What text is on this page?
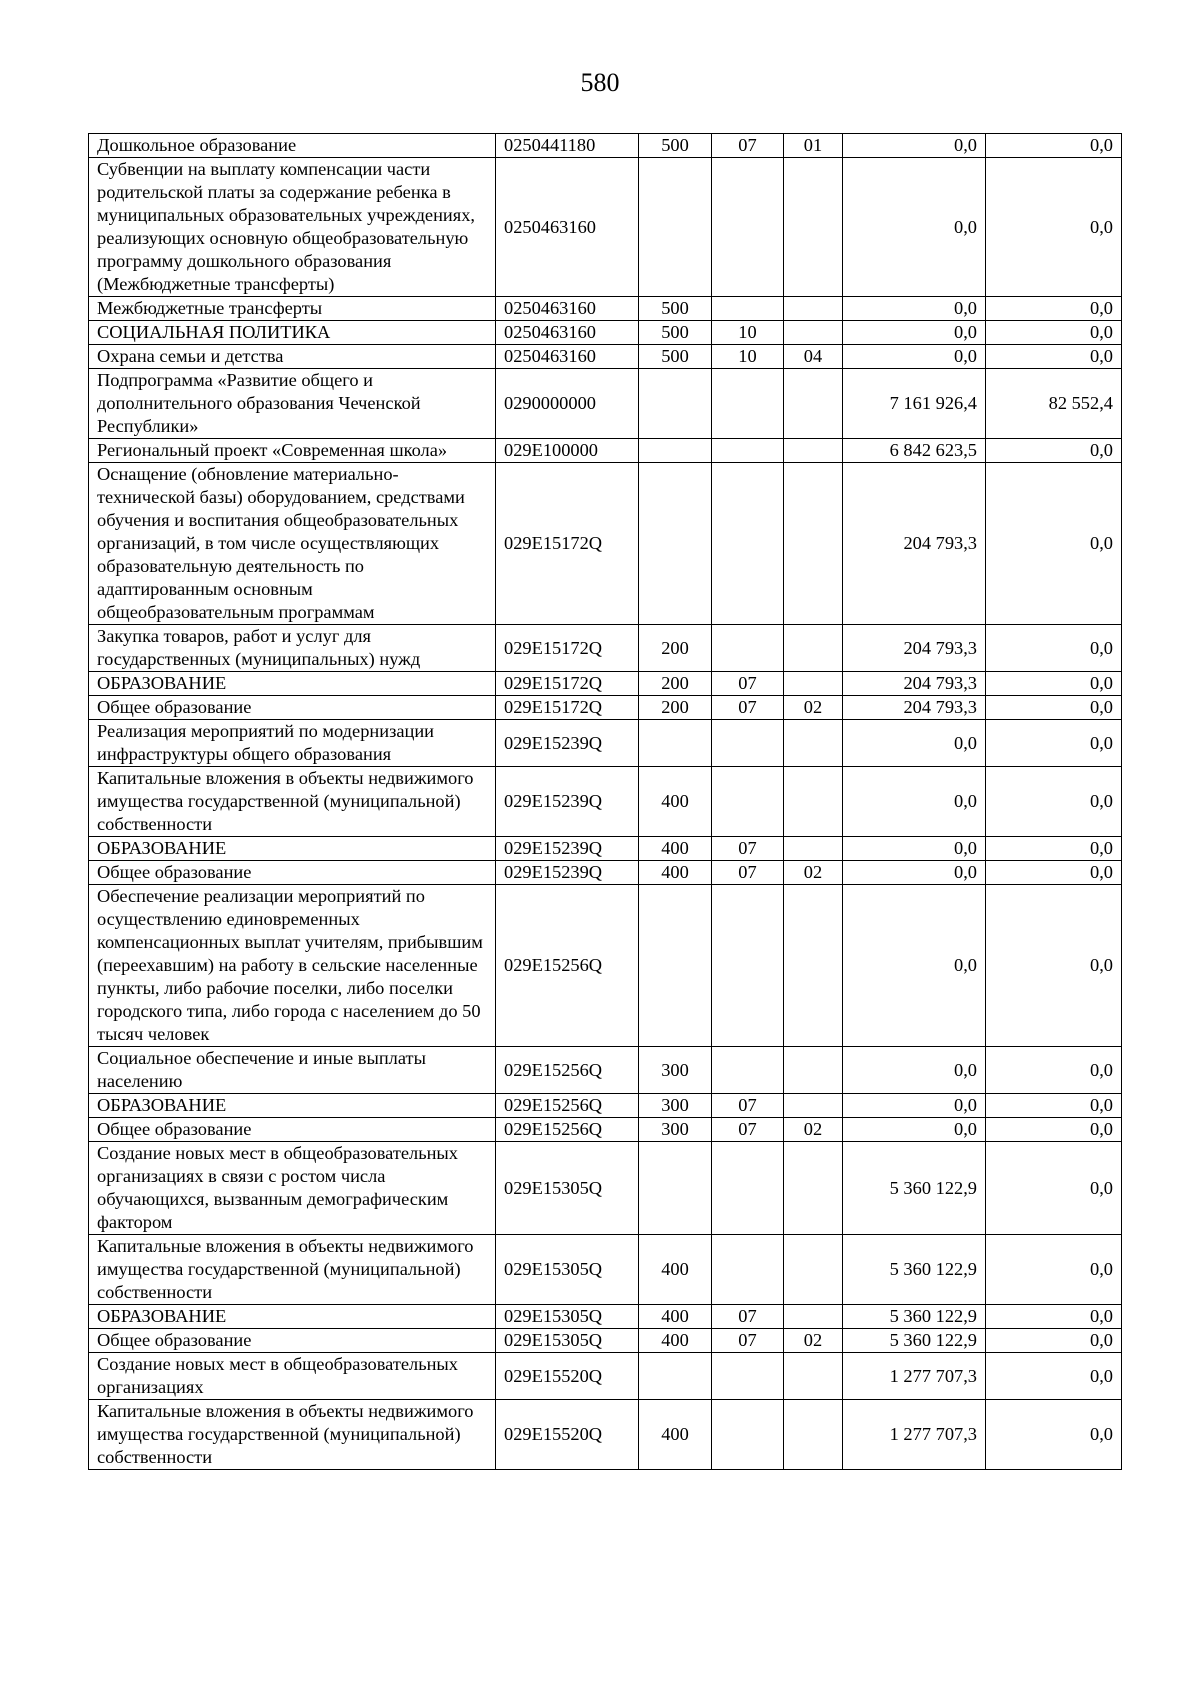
580
Дошкольное образование	0250441180	500	07	01	0,0	0,0
Субвенции на выплату компенсации части родительской платы за содержание ребенка в муниципальных образовательных учреждениях, реализующих основную общеобразовательную программу дошкольного образования (Межбюджетные трансферты)	0250463160				0,0	0,0
Межбюджетные трансферты	0250463160	500			0,0	0,0
СОЦИАЛЬНАЯ ПОЛИТИКА	0250463160	500	10		0,0	0,0
Охрана семьи и детства	0250463160	500	10	04	0,0	0,0
Подпрограмма «Развитие общего и дополнительного образования Чеченской Республики»	0290000000				7 161 926,4	82 552,4
Региональный проект «Современная школа»	029E100000				6 842 623,5	0,0
Оснащение (обновление материально-технической базы) оборудованием, средствами обучения и воспитания общеобразовательных организаций, в том числе осуществляющих образовательную деятельность по адаптированным основным общеобразовательным программам	029E15172Q				204 793,3	0,0
Закупка товаров, работ и услуг для государственных (муниципальных) нужд	029E15172Q	200			204 793,3	0,0
ОБРАЗОВАНИЕ	029E15172Q	200	07		204 793,3	0,0
Общее образование	029E15172Q	200	07	02	204 793,3	0,0
Реализация мероприятий по модернизации инфраструктуры общего образования	029E15239Q				0,0	0,0
Капитальные вложения в объекты недвижимого имущества государственной (муниципальной) собственности	029E15239Q	400			0,0	0,0
ОБРАЗОВАНИЕ	029E15239Q	400	07		0,0	0,0
Общее образование	029E15239Q	400	07	02	0,0	0,0
Обеспечение реализации мероприятий по осуществлению единовременных компенсационных выплат учителям, прибывшим (переехавшим) на работу в сельские населенные пункты, либо рабочие поселки, либо поселки городского типа, либо города с населением до 50 тысяч человек	029E15256Q				0,0	0,0
Социальное обеспечение и иные выплаты населению	029E15256Q	300			0,0	0,0
ОБРАЗОВАНИЕ	029E15256Q	300	07		0,0	0,0
Общее образование	029E15256Q	300	07	02	0,0	0,0
Создание новых мест в общеобразовательных организациях в связи с ростом числа обучающихся, вызванным демографическим фактором	029E15305Q				5 360 122,9	0,0
Капитальные вложения в объекты недвижимого имущества государственной (муниципальной) собственности	029E15305Q	400			5 360 122,9	0,0
ОБРАЗОВАНИЕ	029E15305Q	400	07		5 360 122,9	0,0
Общее образование	029E15305Q	400	07	02	5 360 122,9	0,0
Создание новых мест в общеобразовательных организациях	029E15520Q				1 277 707,3	0,0
Капитальные вложения в объекты недвижимого имущества государственной (муниципальной) собственности	029E15520Q	400			1 277 707,3	0,0
